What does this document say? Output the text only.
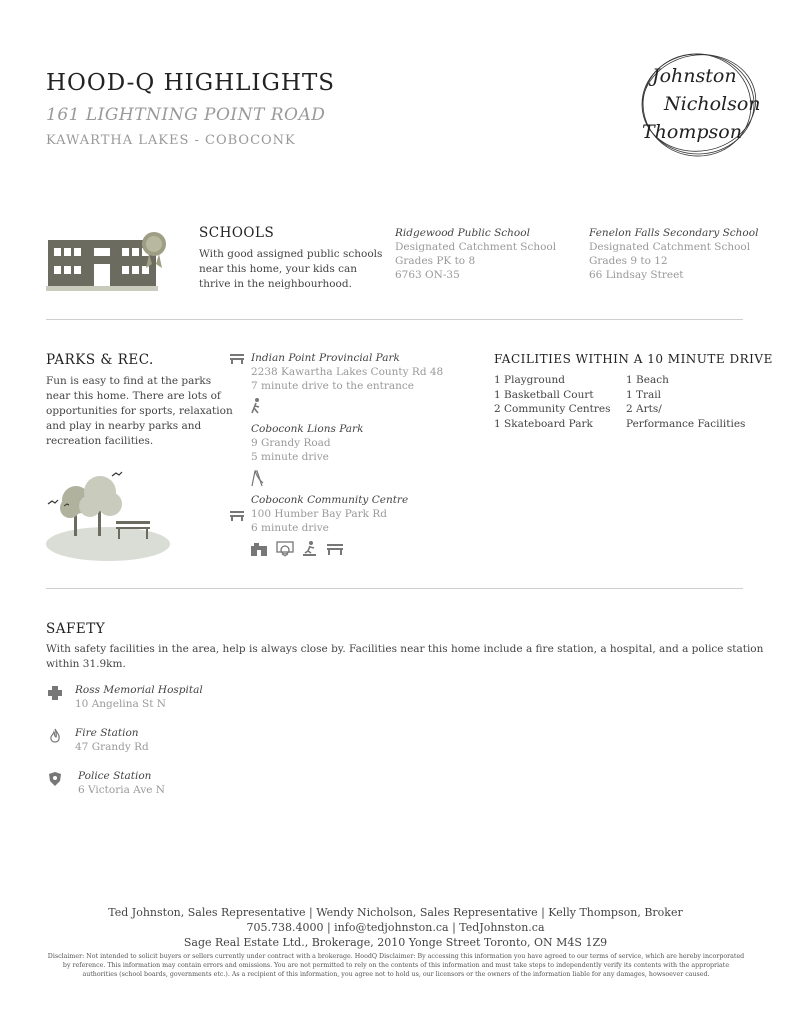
HOOD-Q HIGHLIGHTS
161 LIGHTNING POINT ROAD
KAWARTHA LAKES - COBOCONK
Johnston
Nicholson
Thompson
SCHOOLS
With good assigned public schools
near this home, your kids can
thrive in the neighbourhood.
Ridgewood Public School
Designated Catchment School
Grades PK to 8
6763 ON-35
Fenelon Falls Secondary School
Designated Catchment School
Grades 9 to 12
66 Lindsay Street
PARKS & REC.
Fun is easy to find at the parks
near this home. There are lots of
opportunities for sports, relaxation
and play in nearby parks and
recreation facilities.
Indian Point Provincial Park
2238 Kawartha Lakes County Rd 48
7 minute drive to the entrance
Coboconk Lions Park
9 Grandy Road
5 minute drive
Coboconk Community Centre
100 Humber Bay Park Rd
6 minute drive
FACILITIES WITHIN A 10 MINUTE DRIVE
1 Playground
1 Basketball Court
2 Community Centres
1 Skateboard Park
1 Beach
1 Trail
2 Arts/
Performance Facilities
SAFETY
With safety facilities in the area, help is always close by. Facilities near this home include a fire station, a hospital, and a police station within 31.9km.
Ross Memorial Hospital
10 Angelina St N
Fire Station
47 Grandy Rd
Police Station
6 Victoria Ave N
Ted Johnston, Sales Representative | Wendy Nicholson, Sales Representative | Kelly Thompson, Broker
705.738.4000 | info@tedjohnston.ca | TedJohnston.ca
Sage Real Estate Ltd., Brokerage, 2010 Yonge Street Toronto, ON M4S 1Z9
Disclaimer: Not intended to solicit buyers or sellers currently under contract with a brokerage. HoodQ Disclaimer: By accessing this information you have agreed to our terms of service, which are hereby incorporated by reference. This information may contain errors and omissions. You are not permitted to rely on the contents of this information and must take steps to independently verify its contents with the appropriate authorities (school boards, governments etc.). As a recipient of this information, you agree not to hold us, our licensors or the owners of the information liable for any damages, howsoever caused.
